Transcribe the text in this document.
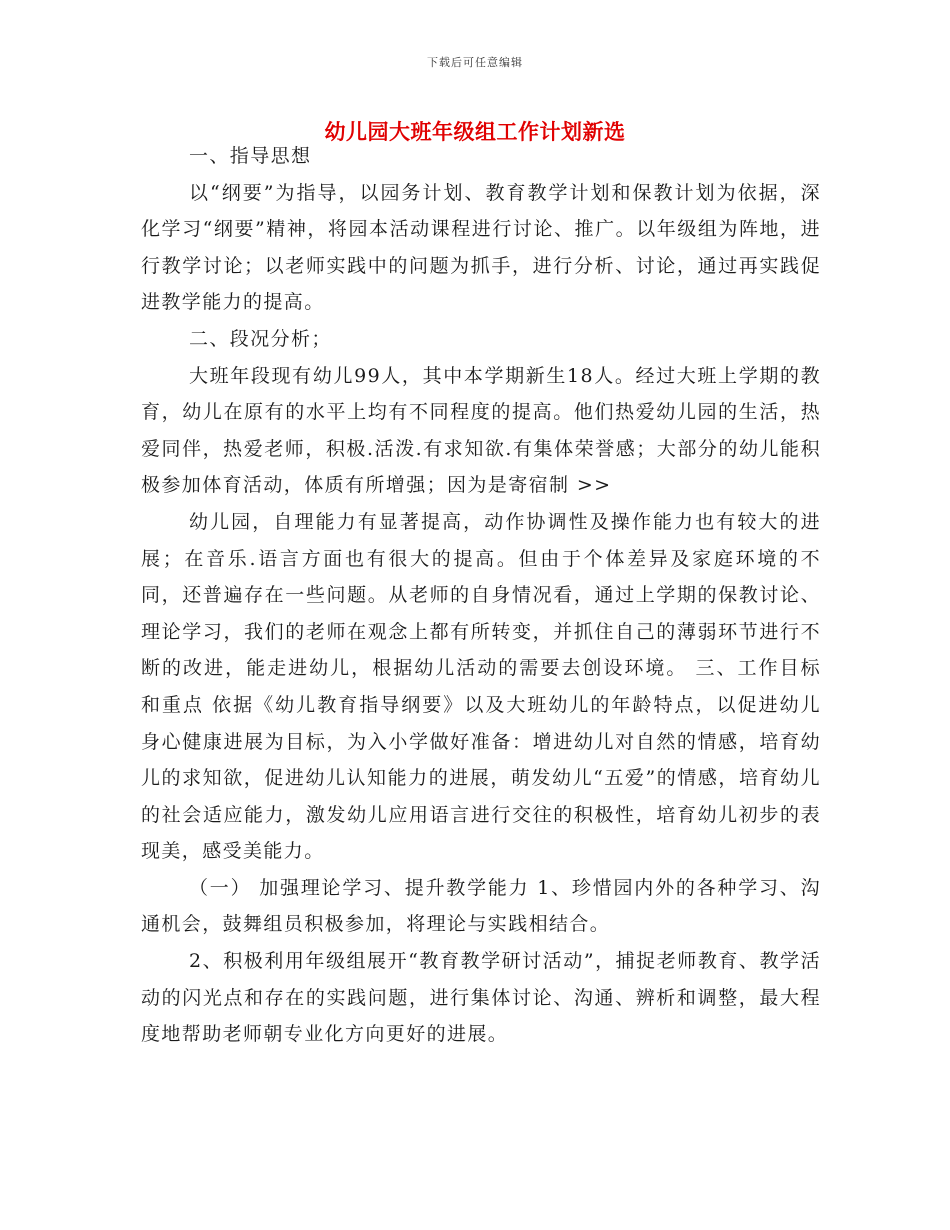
下载后可任意编辑
幼儿园大班年级组工作计划新选

一、指导思想

以“纲要”为指导，以园务计划、教育教学计划和保教计划为依据，深化学习“纲要”精神，将园本活动课程进行讨论、推广。以年级组为阵地，进行教学讨论；以老师实践中的问题为抓手，进行分析、讨论，通过再实践促进教学能力的提高。

二、段况分析；

大班年段现有幼儿99人，其中本学期新生18人。经过大班上学期的教育，幼儿在原有的水平上均有不同程度的提高。他们热爱幼儿园的生活，热爱同伴，热爱老师，积极.活泼.有求知欲.有集体荣誉感；大部分的幼儿能积极参加体育活动，体质有所增强；因为是寄宿制 >>

幼儿园，自理能力有显著提高，动作协调性及操作能力也有较大的进展；在音乐.语言方面也有很大的提高。但由于个体差异及家庭环境的不同，还普遍存在一些问题。从老师的自身情况看，通过上学期的保教讨论、理论学习，我们的老师在观念上都有所转变，并抓住自己的薄弱环节进行不断的改进，能走进幼儿，根据幼儿活动的需要去创设环境。 三、工作目标和重点 依据《幼儿教育指导纲要》以及大班幼儿的年龄特点，以促进幼儿身心健康进展为目标，为入小学做好准备：增进幼儿对自然的情感，培育幼儿的求知欲，促进幼儿认知能力的进展，萌发幼儿“五爱”的情感，培育幼儿的社会适应能力，激发幼儿应用语言进行交往的积极性，培育幼儿初步的表现美，感受美能力。

（一） 加强理论学习、提升教学能力 1、珍惜园内外的各种学习、沟通机会，鼓舞组员积极参加，将理论与实践相结合。

2、积极利用年级组展开“教育教学研讨活动”，捕捉老师教育、教学活动的闪光点和存在的实践问题，进行集体讨论、沟通、辨析和调整，最大程度地帮助老师朝专业化方向更好的进展。
